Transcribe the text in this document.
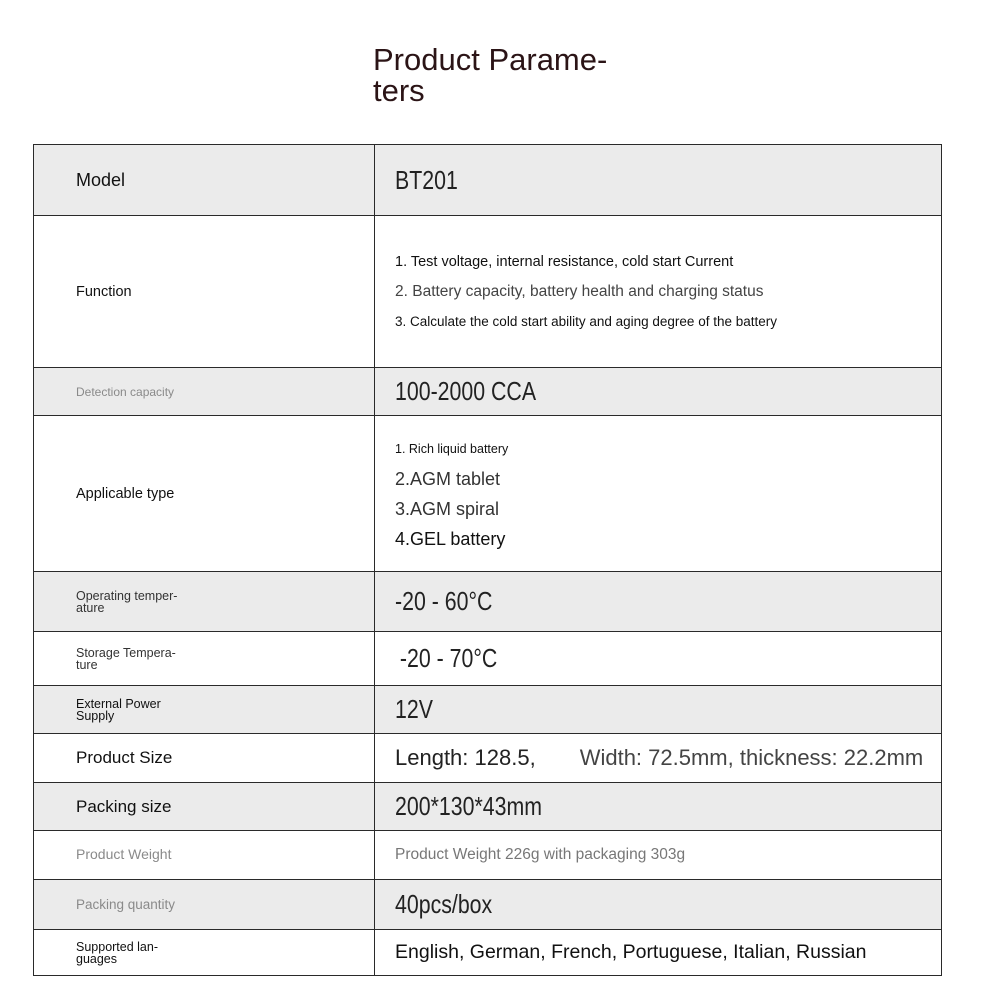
Product Parame-
ters
Model	BT201
Function	1. Test voltage, internal resistance, cold start Current
2. Battery capacity, battery health and charging status
3. Calculate the cold start ability and aging degree of the battery

Detection capacity	100-2000 CCA
Applicable type	1. Rich liquid battery
2.AGM tablet
3.AGM spiral
4.GEL battery

Operating temper-
ature	-20 - 60°C

Storage Tempera-
ture	-20 - 70°C

External Power
Supply	12V
Product Size	Length: 128.5, Width: 72.5mm, thickness: 22.2mm
Packing size	200*130*43mm
Product Weight	Product Weight 226g with packaging 303g
Packing quantity	40pcs/box

Supported lan-
guages	English, German, French, Portuguese, Italian, Russian
